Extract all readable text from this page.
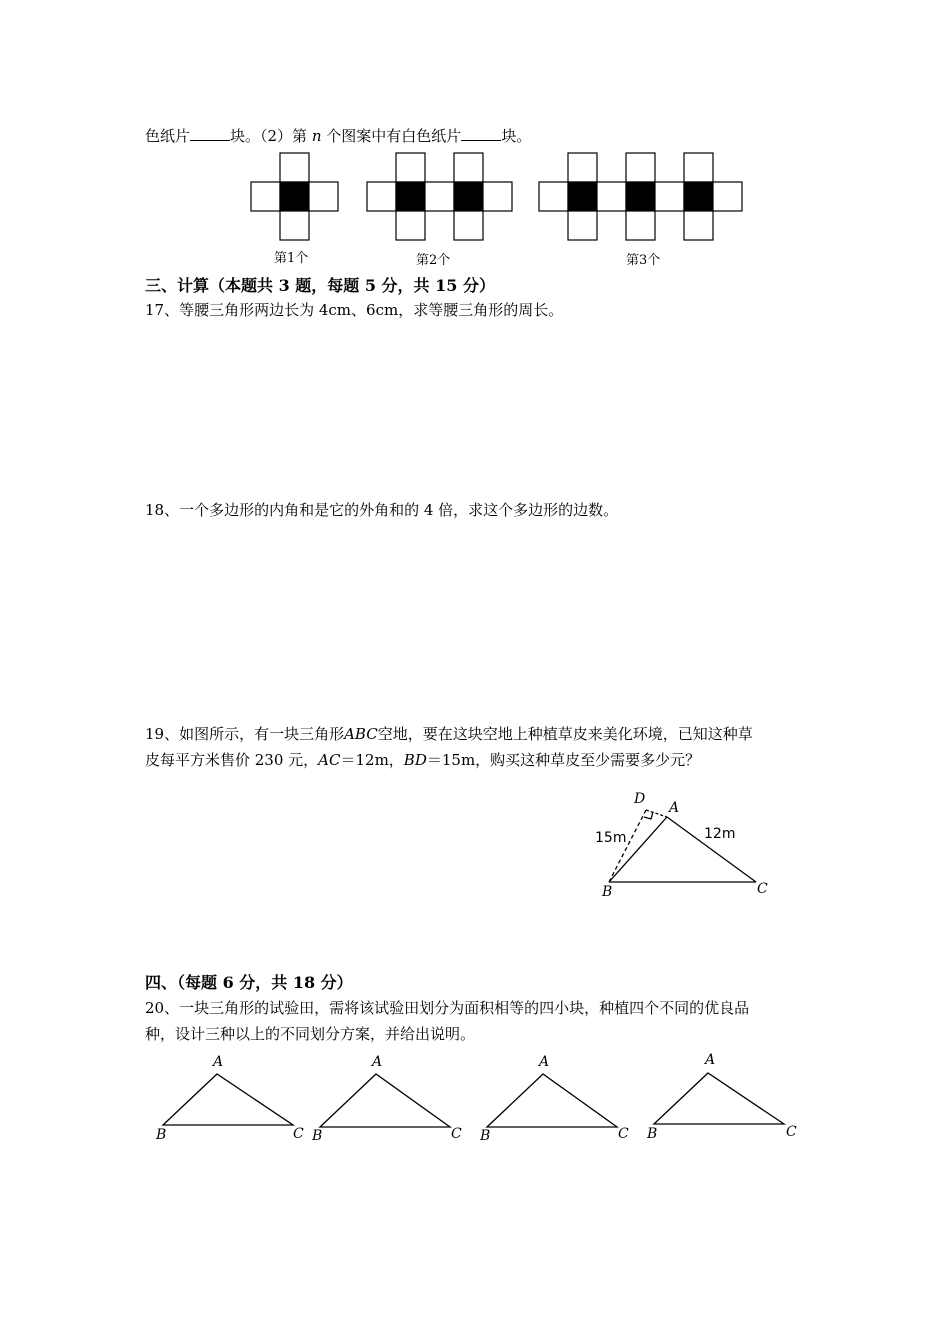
色纸片	块。（2）第 n 个图案中有白色纸片	块。
第1个	第2个	第3个
三、计算（本题共 3 题，每题 5 分，共 15 分）
17、等腰三角形两边长为 4cm、6cm，求等腰三角形的周长。
18、一个多边形的内角和是它的外角和的 4 倍，求这个多边形的边数。
19、如图所示，有一块三角形ABC空地，要在这块空地上种植草皮来美化环境，已知这种草
皮每平方米售价 230 元，AC＝12m，BD＝15m，购买这种草皮至少需要多少元？
D
A
B	C
15m	12m
四、（每题 6 分，共 18 分）
20、一块三角形的试验田，需将该试验田划分为面积相等的四小块，种植四个不同的优良品
种，设计三种以上的不同划分方案，并给出说明。
A
B	C
A
B	C
A
B	C
A
B	C
